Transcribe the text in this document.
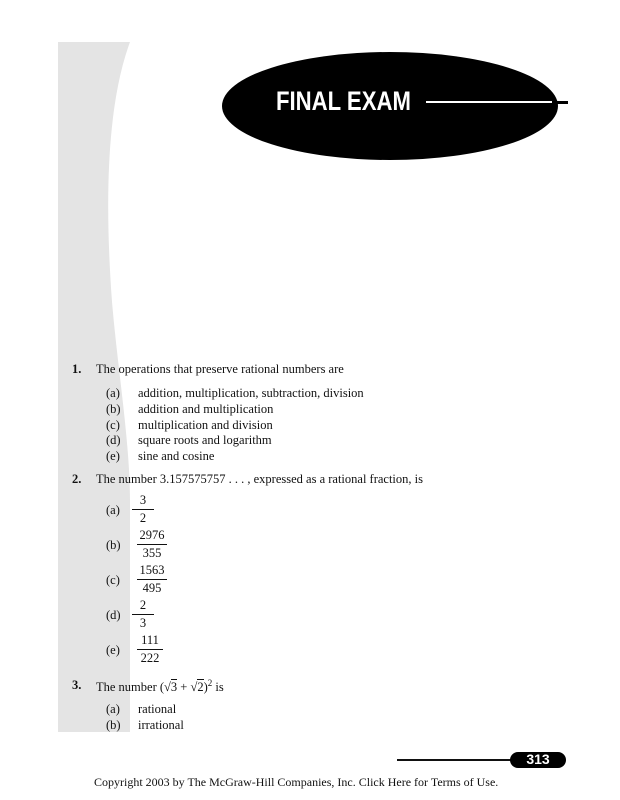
FINAL EXAM
1. The operations that preserve rational numbers are
(a) addition, multiplication, subtraction, division
(b) addition and multiplication
(c) multiplication and division
(d) square roots and logarithm
(e) sine and cosine
2. The number 3.157575757 . . . , expressed as a rational fraction, is
(a)
3
2
(b)
2976
355
(c)
1563
495
(d)
2
3
(e)
111
222
3. The number $(√3 + √2)^2$ is
(a) rational
(b) irrational
313
Copyright 2003 by The McGraw-Hill Companies, Inc. Click Here for Terms of Use.
